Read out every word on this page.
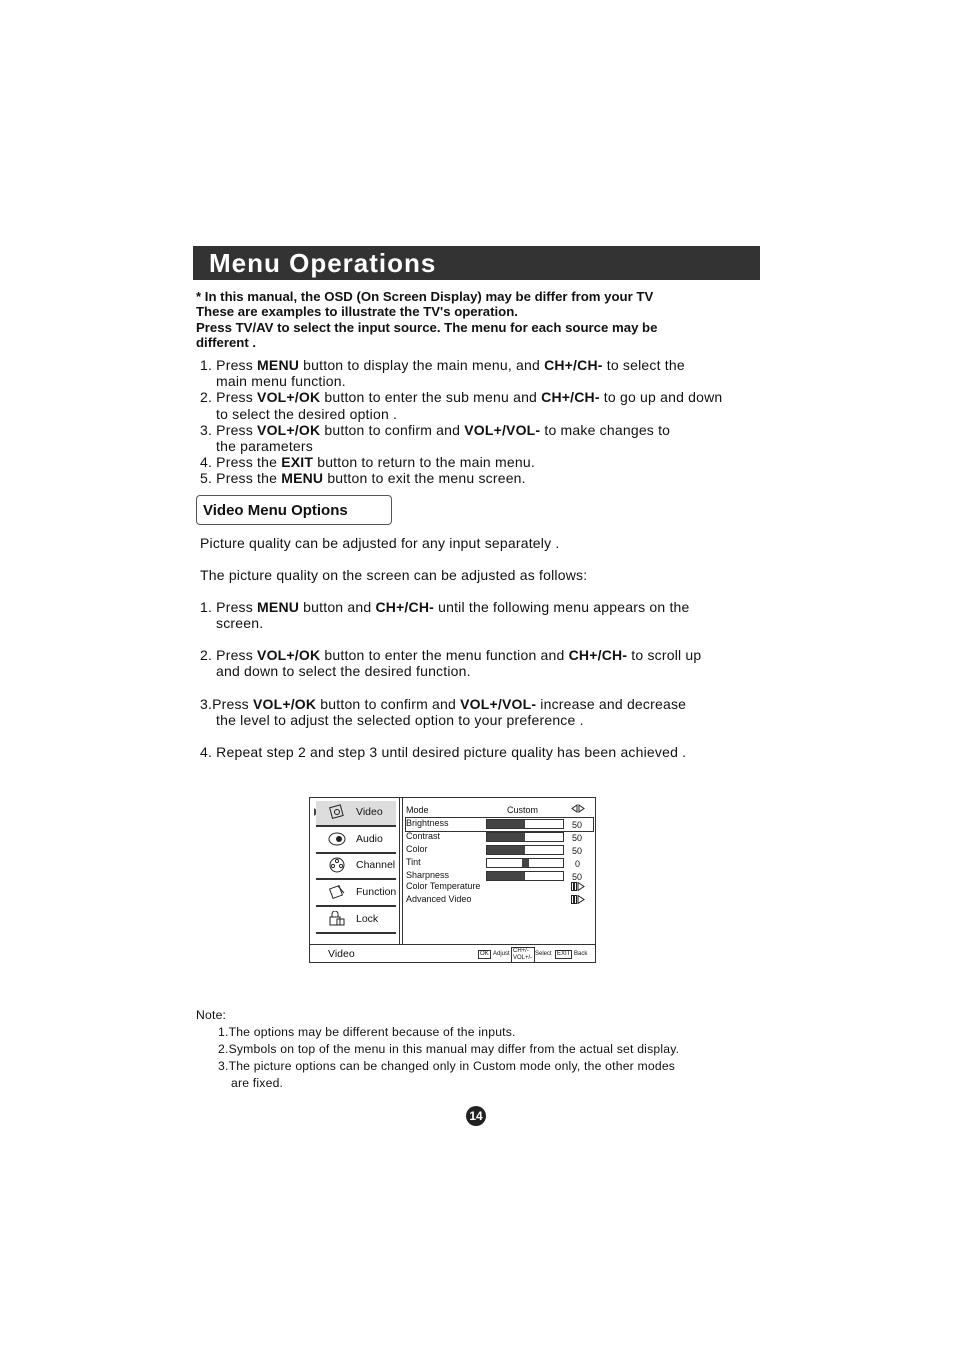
Menu Operations
* In this manual, the OSD (On Screen Display) may be differ from your TV
These are examples to illustrate the TV's operation.
Press TV/AV to select the input source. The menu for each source may be
different .
1. Press MENU button to display the main menu, and CH+/CH- to select the
main menu function.
2. Press VOL+/OK button to enter the sub menu and CH+/CH- to go up and down
to select the desired option .
3. Press VOL+/OK button to confirm and VOL+/VOL- to make changes to
the parameters
4. Press the EXIT button to return to the main menu.
5. Press the MENU button to exit the menu screen.
Video Menu Options
Picture quality can be adjusted for any input separately .
The picture quality on the screen can be adjusted as follows:
1. Press MENU button and CH+/CH- until the following menu appears on the
screen.
2. Press VOL+/OK button to enter the menu function and CH+/CH- to scroll up
and down to select the desired function.
3.Press VOL+/OK button to confirm and VOL+/VOL- increase and decrease
the level to adjust the selected option to your preference .
4. Repeat step 2 and step 3 until desired picture quality has been achieved .
Video
Audio
Channel
Function
Lock
Mode	Custom
Brightness	50
Contrast	50
Color	50
Tint	0
Sharpness	50
Color Temperature
Advanced Video
Video	OK Adjust CH+/-
VOL+/-
Select EXIT Back
Note:
1.The options may be different because of the inputs.
2.Symbols on top of the menu in this manual may differ from the actual set display.
3.The picture options can be changed only in Custom mode only, the other modes
are fixed.
14
